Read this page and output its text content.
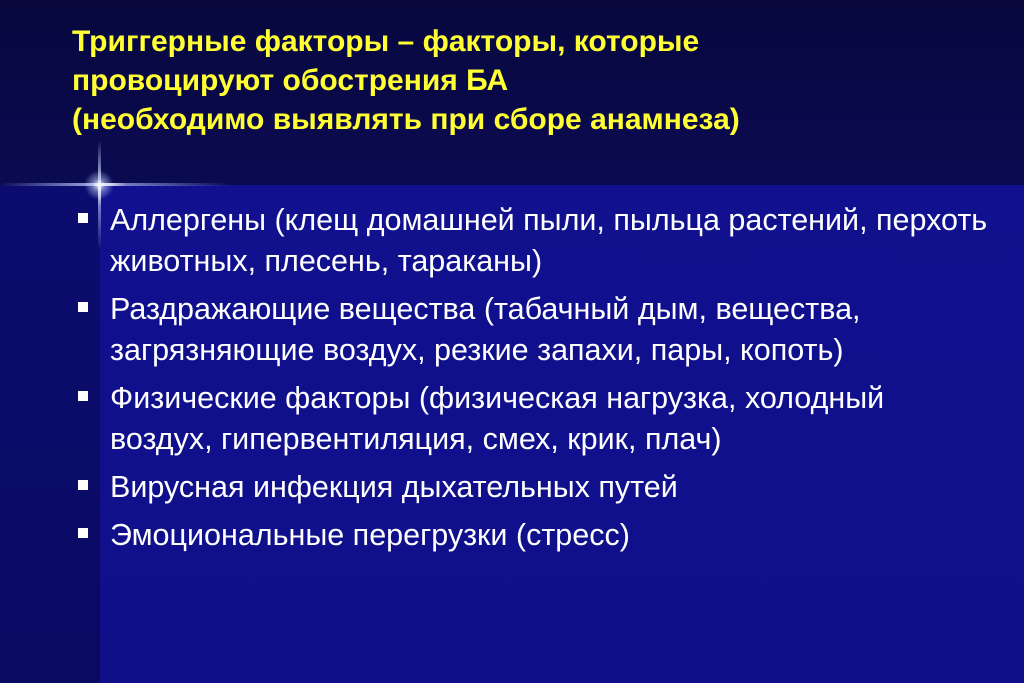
Триггерные факторы – факторы, которые
провоцируют обострения БА
(необходимо выявлять при сборе анамнеза)
Аллергены (клещ домашней пыли, пыльца растений, перхоть животных, плесень, тараканы)
Раздражающие вещества (табачный дым, вещества, загрязняющие воздух, резкие запахи, пары, копоть)
Физические факторы (физическая нагрузка, холодный воздух, гипервентиляция, смех, крик, плач)
Вирусная инфекция дыхательных путей
Эмоциональные перегрузки (стресс)
